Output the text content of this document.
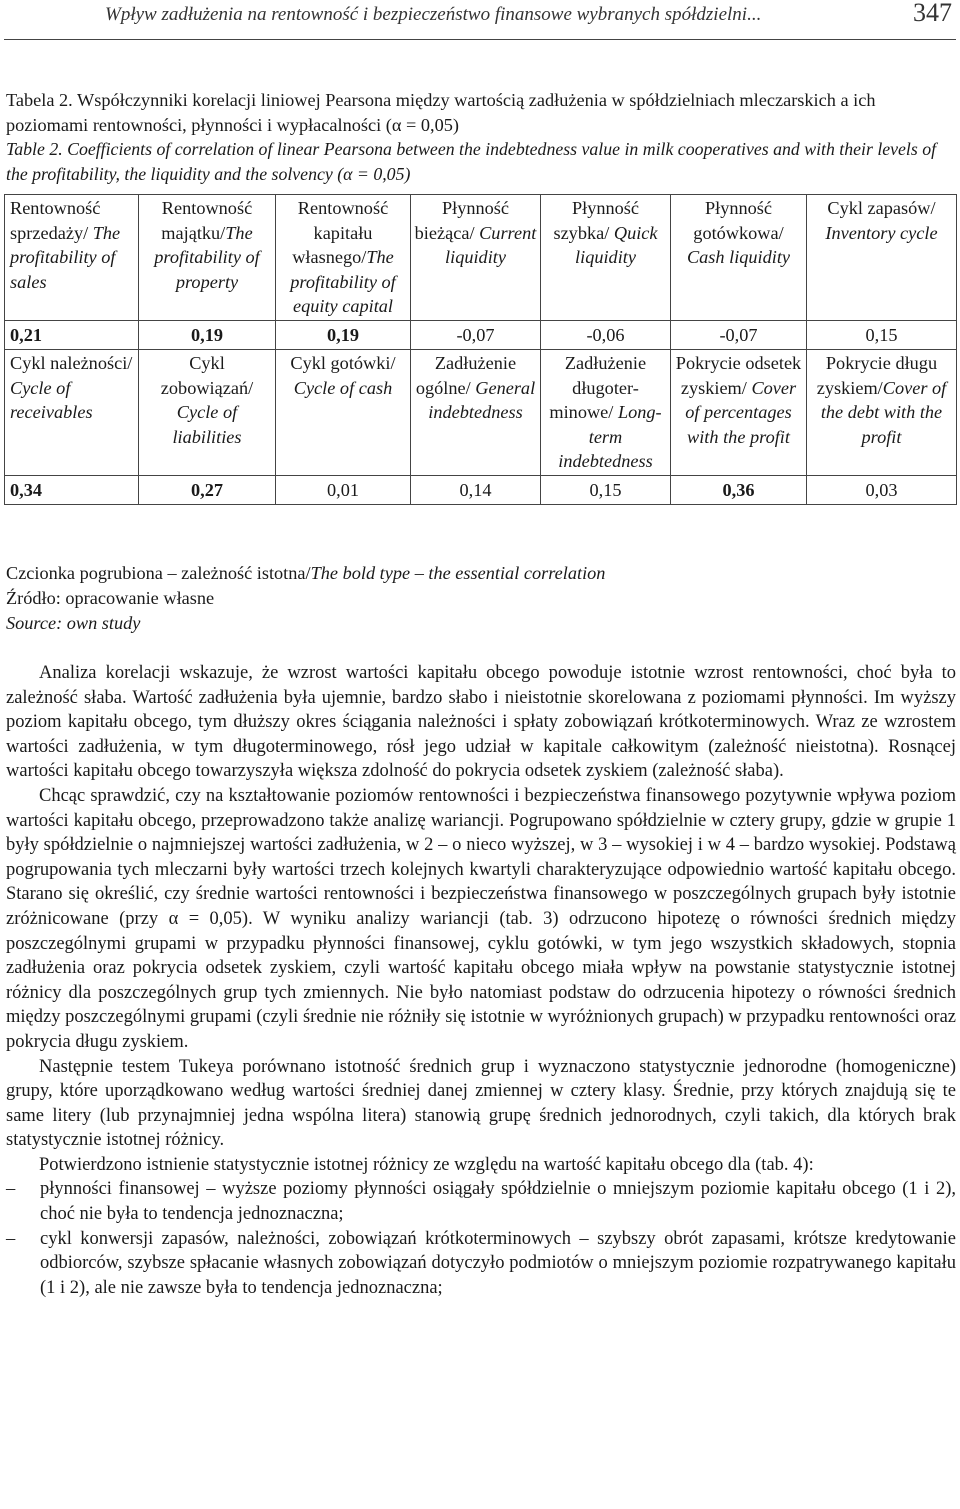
Wpływ zadłużenia na rentowność i bezpieczeństwo finansowe wybranych spółdzielni...	347
Tabela 2. Współczynniki korelacji liniowej Pearsona między wartością zadłużenia w spółdzielniach mleczarskich a ich poziomami rentowności, płynności i wypłacalności (α = 0,05)
Table 2. Coefficients of correlation of linear Pearsona between the indebtedness value in milk cooperatives and with their levels of the profitability, the liquidity and the solvency (α = 0,05)
Rentowność sprzedaży/ The profitability of sales	Rentowność majątku/The profitability of property	Rentowność kapitału własnego/The profitability of equity capital	Płynność bieżąca/ Current liquidity	Płynność szybka/ Quick liquidity	Płynność gotówkowa/ Cash liquidity	Cykl zapasów/ Inventory cycle
0,21	0,19	0,19	-0,07	-0,06	-0,07	0,15
Cykl należności/ Cycle of receivables	Cykl zobowiązań/ Cycle of liabilities	Cykl gotówki/ Cycle of cash	Zadłużenie ogólne/ General indebtedness	Zadłużenie długoter-minowe/ Long-term indebtedness	Pokrycie odsetek zyskiem/ Cover of percentages with the profit	Pokrycie długu zyskiem/Cover of the debt with the profit
0,34	0,27	0,01	0,14	0,15	0,36	0,03
Czcionka pogrubiona – zależność istotna/The bold type – the essential correlation
Źródło: opracowanie własne
Source: own study

Analiza korelacji wskazuje, że wzrost wartości kapitału obcego powoduje istotnie wzrost rentowności, choć była to zależność słaba. Wartość zadłużenia była ujemnie, bardzo słabo i nieistotnie skorelowana z poziomami płynności. Im wyższy poziom kapitału obcego, tym dłuższy okres ściągania należności i spłaty zobowiązań krótkoterminowych. Wraz ze wzrostem wartości zadłużenia, w tym długoterminowego, rósł jego udział w kapitale całkowitym (zależność nieistotna). Rosnącej wartości kapitału obcego towarzyszyła większa zdolność do pokrycia odsetek zyskiem (zależność słaba).

Chcąc sprawdzić, czy na kształtowanie poziomów rentowności i bezpieczeństwa finansowego pozytywnie wpływa poziom wartości kapitału obcego, przeprowadzono także analizę wariancji. Pogrupowano spółdzielnie w cztery grupy, gdzie w grupie 1 były spółdzielnie o najmniejszej wartości zadłużenia, w 2 – o nieco wyższej, w 3 – wysokiej i w 4 – bardzo wysokiej. Podstawą pogrupowania tych mleczarni były wartości trzech kolejnych kwartyli charakteryzujące odpowiednio wartość kapitału obcego. Starano się określić, czy średnie wartości rentowności i bezpieczeństwa finansowego w poszczególnych grupach były istotnie zróżnicowane (przy α = 0,05). W wyniku analizy wariancji (tab. 3) odrzucono hipotezę o równości średnich między poszczególnymi grupami w przypadku płynności finansowej, cyklu gotówki, w tym jego wszystkich składowych, stopnia zadłużenia oraz pokrycia odsetek zyskiem, czyli wartość kapitału obcego miała wpływ na powstanie statystycznie istotnej różnicy dla poszczególnych grup tych zmiennych. Nie było natomiast podstaw do odrzucenia hipotezy o równości średnich między poszczególnymi grupami (czyli średnie nie różniły się istotnie w wyróżnionych grupach) w przypadku rentowności oraz pokrycia długu zyskiem.

Następnie testem Tukeya porównano istotność średnich grup i wyznaczono statystycznie jednorodne (homogeniczne) grupy, które uporządkowano według wartości średniej danej zmiennej w cztery klasy. Średnie, przy których znajdują się te same litery (lub przynajmniej jedna wspólna litera) stanowią grupę średnich jednorodnych, czyli takich, dla których brak statystycznie istotnej różnicy.

Potwierdzono istnienie statystycznie istotnej różnicy ze względu na wartość kapitału obcego dla (tab. 4):

– płynności finansowej – wyższe poziomy płynności osiągały spółdzielnie o mniejszym poziomie kapitału obcego (1 i 2), choć nie była to tendencja jednoznaczna;
– cykl konwersji zapasów, należności, zobowiązań krótkoterminowych – szybszy obrót zapasami, krótsze kredytowanie odbiorców, szybsze spłacanie własnych zobowiązań dotyczyło podmiotów o mniejszym poziomie rozpatrywanego kapitału (1 i 2), ale nie zawsze była to tendencja jednoznaczna;
